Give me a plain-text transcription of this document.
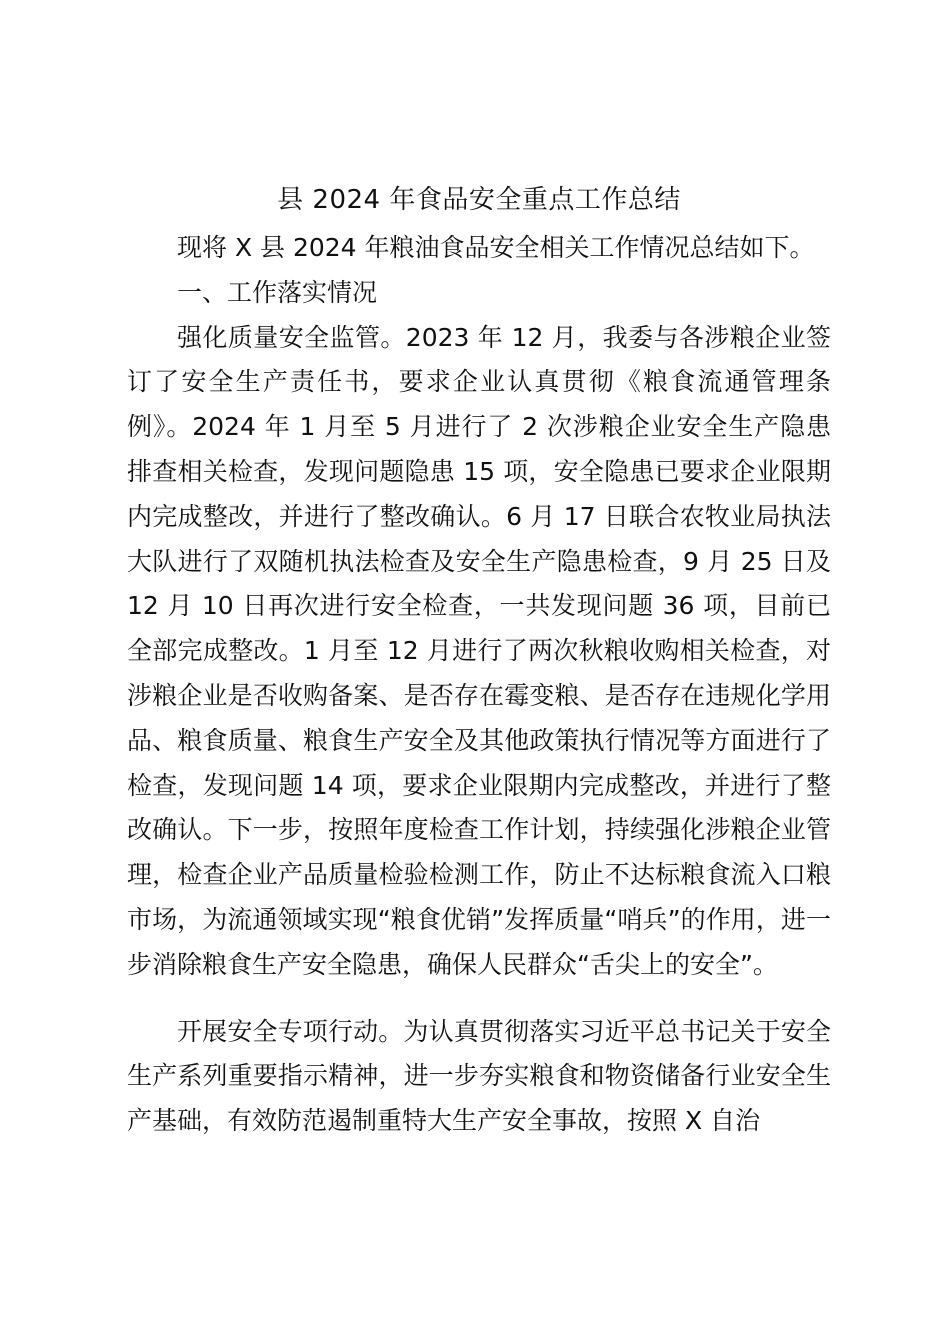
县 2024 年食品安全重点工作总结

现将 X 县 2024 年粮油食品安全相关工作情况总结如下。

一、工作落实情况

强化质量安全监管。2023 年 12 月，我委与各涉粮企业签订了安全生产责任书，要求企业认真贯彻《粮食流通管理条例》。2024 年 1 月至 5 月进行了 2 次涉粮企业安全生产隐患排查相关检查，发现问题隐患 15 项，安全隐患已要求企业限期内完成整改，并进行了整改确认。6 月 17 日联合农牧业局执法大队进行了双随机执法检查及安全生产隐患检查，9 月 25 日及 12 月 10 日再次进行安全检查，一共发现问题 36 项，目前已全部完成整改。1 月至 12 月进行了两次秋粮收购相关检查，对涉粮企业是否收购备案、是否存在霉变粮、是否存在违规化学用品、粮食质量、粮食生产安全及其他政策执行情况等方面进行了检查，发现问题 14 项，要求企业限期内完成整改，并进行了整改确认。下一步，按照年度检查工作计划，持续强化涉粮企业管理，检查企业产品质量检验检测工作，防止不达标粮食流入口粮市场，为流通领域实现“粮食优销”发挥质量“哨兵”的作用，进一步消除粮食生产安全隐患，确保人民群众“舌尖上的安全”。

开展安全专项行动。为认真贯彻落实习近平总书记关于安全生产系列重要指示精神，进一步夯实粮食和物资储备行业安全生产基础，有效防范遏制重特大生产安全事故，按照 X 自治
